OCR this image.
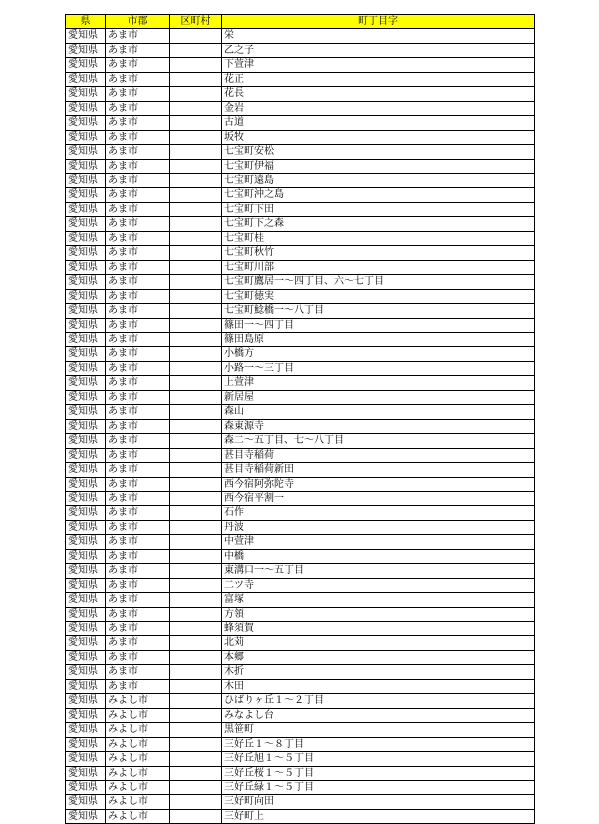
県	市郡	区町村	町丁目字
愛知県	あま市		栄
愛知県	あま市		乙之子
愛知県	あま市		下萱津
愛知県	あま市		花正
愛知県	あま市		花長
愛知県	あま市		金岩
愛知県	あま市		古道
愛知県	あま市		坂牧
愛知県	あま市		七宝町安松
愛知県	あま市		七宝町伊福
愛知県	あま市		七宝町遠島
愛知県	あま市		七宝町沖之島
愛知県	あま市		七宝町下田
愛知県	あま市		七宝町下之森
愛知県	あま市		七宝町桂
愛知県	あま市		七宝町秋竹
愛知県	あま市		七宝町川部
愛知県	あま市		七宝町鷹居一～四丁目、六～七丁目
愛知県	あま市		七宝町徳実
愛知県	あま市		七宝町鯰橋一～八丁目
愛知県	あま市		篠田一～四丁目
愛知県	あま市		篠田島原
愛知県	あま市		小橋方
愛知県	あま市		小路一～三丁目
愛知県	あま市		上萱津
愛知県	あま市		新居屋
愛知県	あま市		森山
愛知県	あま市		森東源寺
愛知県	あま市		森二～五丁目、七～八丁目
愛知県	あま市		甚目寺稲荷
愛知県	あま市		甚目寺稲荷新田
愛知県	あま市		西今宿阿弥陀寺
愛知県	あま市		西今宿平割一
愛知県	あま市		石作
愛知県	あま市		丹波
愛知県	あま市		中萱津
愛知県	あま市		中橋
愛知県	あま市		東溝口一～五丁目
愛知県	あま市		二ツ寺
愛知県	あま市		富塚
愛知県	あま市		方領
愛知県	あま市		蜂須賀
愛知県	あま市		北苅
愛知県	あま市		本郷
愛知県	あま市		木折
愛知県	あま市		木田
愛知県	みよし市		ひばりヶ丘１～２丁目
愛知県	みよし市		みなよし台
愛知県	みよし市		黒笹町
愛知県	みよし市		三好丘１～８丁目
愛知県	みよし市		三好丘旭１～５丁目
愛知県	みよし市		三好丘桜１～５丁目
愛知県	みよし市		三好丘緑１～５丁目
愛知県	みよし市		三好町向田
愛知県	みよし市		三好町上
